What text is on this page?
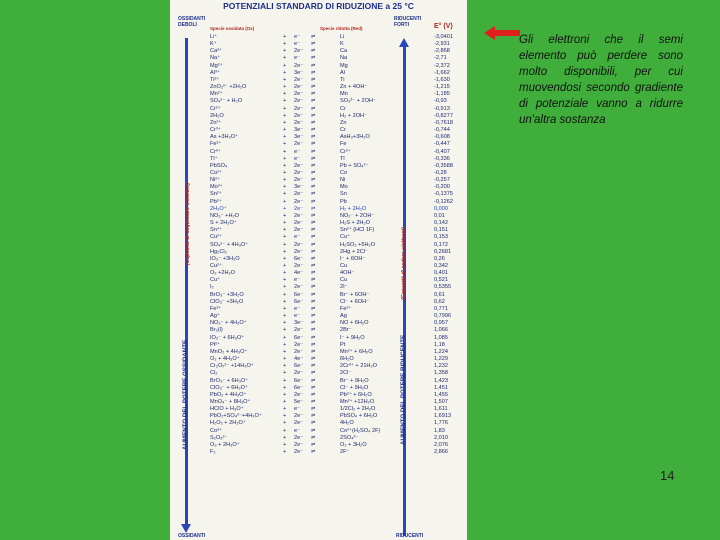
POTENZIALI STANDARD DI RIDUZIONE a 25 °C
OSSIDANTI
DEBOLI
RIDUCENTI
FORTI
Specie ossidata (Ox)	Specie ridotta (Red)	E° (V)
AUMENTO DEL POTERE OSSIDANTE
(Capacità di acquistare elettroni)
AUMENTO DEL POTERE RIDUCENTE
(Capacità di cedere elettroni)
Li⁺	+ e⁻ ⇌	Li	-3,0401
K⁺	+ e⁻ ⇌	K	-2,931
Ca²⁺	+ 2e⁻ ⇌	Ca	-2,868
Na⁺	+ e⁻ ⇌	Na	-2,71
Mg²⁺	+ 2e⁻ ⇌	Mg	-2,372
Al³⁺	+ 3e⁻ ⇌	Al	-1,662
Ti²⁺	+ 2e⁻ ⇌	Ti	-1,630
ZnO₂²⁻ +2H₂O	+ 2e⁻ ⇌	Zn + 4OH⁻	-1,215
Mn²⁺	+ 2e⁻ ⇌	Mn	-1,185
SO₄²⁻ + H₂O	+ 2e⁻ ⇌	SO₃²⁻ + 2OH⁻	-0,93
Cr²⁺	+ 2e⁻ ⇌	Cr	-0,913
2H₂O	+ 2e⁻ ⇌	H₂ + 2OH⁻	-0,8277
Zn²⁺	+ 2e⁻ ⇌	Zn	-0,7618
Cr³⁺	+ 3e⁻ ⇌	Cr	-0,744
As +3H₃O⁺	+ 3e⁻ ⇌	AsH₃+3H₂O	-0,608
Fe²⁺	+ 2e⁻ ⇌	Fe	-0,447
Cr³⁺	+ e⁻ ⇌	Cr²⁺	-0,407
Tl⁺	+ e⁻ ⇌	Tl	-0,336
PbSO₄	+ 2e⁻ ⇌	Pb + SO₄²⁻	-0,3588
Co²⁺	+ 2e⁻ ⇌	Co	-0,28
Ni²⁺	+ 2e⁻ ⇌	Ni	-0,257
Mo³⁺	+ 3e⁻ ⇌	Mo	-0,200
Sn²⁺	+ 2e⁻ ⇌	Sn	-0,1375
Pb²⁺	+ 2e⁻ ⇌	Pb	-0,1262
2H₃O⁺	+ 2e⁻ ⇌	H₂ + 2H₂O	0,000
NO₃⁻ +H₂O	+ 2e⁻ ⇌	NO₂⁻ + 2OH⁻	0,01
S + 2H₃O⁺	+ 2e⁻ ⇌	H₂S + 2H₂O	0,142
Sn⁴⁺	+ 2e⁻ ⇌	Sn²⁺ (HCl 1F)	0,151
Cu²⁺	+ e⁻ ⇌	Cu⁺	0,153
SO₄²⁻ + 4H₃O⁺	+ 2e⁻ ⇌	H₂SO₃ +5H₂O	0,172
Hg₂Cl₂	+ 2e⁻ ⇌	2Hg + 2Cl⁻	0,2681
IO₃⁻ +3H₂O	+ 6e⁻ ⇌	I⁻ + 6OH⁻	0,26
Cu²⁺	+ 2e⁻ ⇌	Cu	0,342
O₂ +2H₂O	+ 4e⁻ ⇌	4OH⁻	0,401
Cu⁺	+ e⁻ ⇌	Cu	0,521
I₂	+ 2e⁻ ⇌	2I⁻	0,5355
BrO₃⁻ +3H₂O	+ 6e⁻ ⇌	Br⁻ + 6OH⁻	0,61
ClO₃⁻ +3H₂O	+ 6e⁻ ⇌	Cl⁻ + 6OH⁻	0,62
Fe³⁺	+ e⁻ ⇌	Fe²⁺	0,771
Ag⁺	+ e⁻ ⇌	Ag	0,7996
NO₃⁻ + 4H₃O⁺	+ 3e⁻ ⇌	NO + 6H₂O	0,957
Br₂(l)	+ 2e⁻ ⇌	2Br⁻	1,066
IO₃⁻ + 6H₃O⁺	+ 6e⁻ ⇌	I⁻ + 9H₂O	1,085
Pt²⁺	+ 2e⁻ ⇌	Pt	1,18
MnO₂ + 4H₃O⁺	+ 2e⁻ ⇌	Mn²⁺ + 6H₂O	1,224
O₂ + 4H₃O⁺	+ 4e⁻ ⇌	6H₂O	1,229
Cr₂O₇²⁻ +14H₃O⁺	+ 6e⁻ ⇌	2Cr³⁺ + 21H₂O	1,232
Cl₂	+ 2e⁻ ⇌	2Cl⁻	1,358
BrO₃⁻ + 6H₃O⁺	+ 6e⁻ ⇌	Br⁻ + 9H₂O	1,423
ClO₃⁻ + 6H₃O⁺	+ 6e⁻ ⇌	Cl⁻ + 9H₂O	1,451
PbO₂ + 4H₃O⁺	+ 2e⁻ ⇌	Pb²⁺ + 6H₂O	1,455
MnO₄⁻ + 8H₃O⁺	+ 5e⁻ ⇌	Mn²⁺ +12H₂O	1,507
HClO + H₃O⁺	+ e⁻ ⇌	1/2Cl₂ + 2H₂O	1,611
PbO₂+SO₄²⁻+4H₃O⁺	+ 2e⁻ ⇌	PbSO₄ + 6H₂O	1,6913
H₂O₂ + 2H₃O⁺	+ 2e⁻ ⇌	4H₂O	1,776
Co³⁺	+ e⁻ ⇌	Co²⁺(H₂SO₄ 2F)	1,83
S₂O₈²⁻	+ 2e⁻ ⇌	2SO₄²⁻	2,010
O₃ + 2H₃O⁺	+ 2e⁻ ⇌	O₂ + 3H₂O	2,076
F₂	+ 2e⁻ ⇌	2F⁻	2,866
OSSIDANTI	RIDUCENTI
Gli elettroni che il semi elemento può perdere sono molto disponibili, per cui muovendosi secondo gradiente di potenziale vanno a ridurre un'altra sostanza
14
